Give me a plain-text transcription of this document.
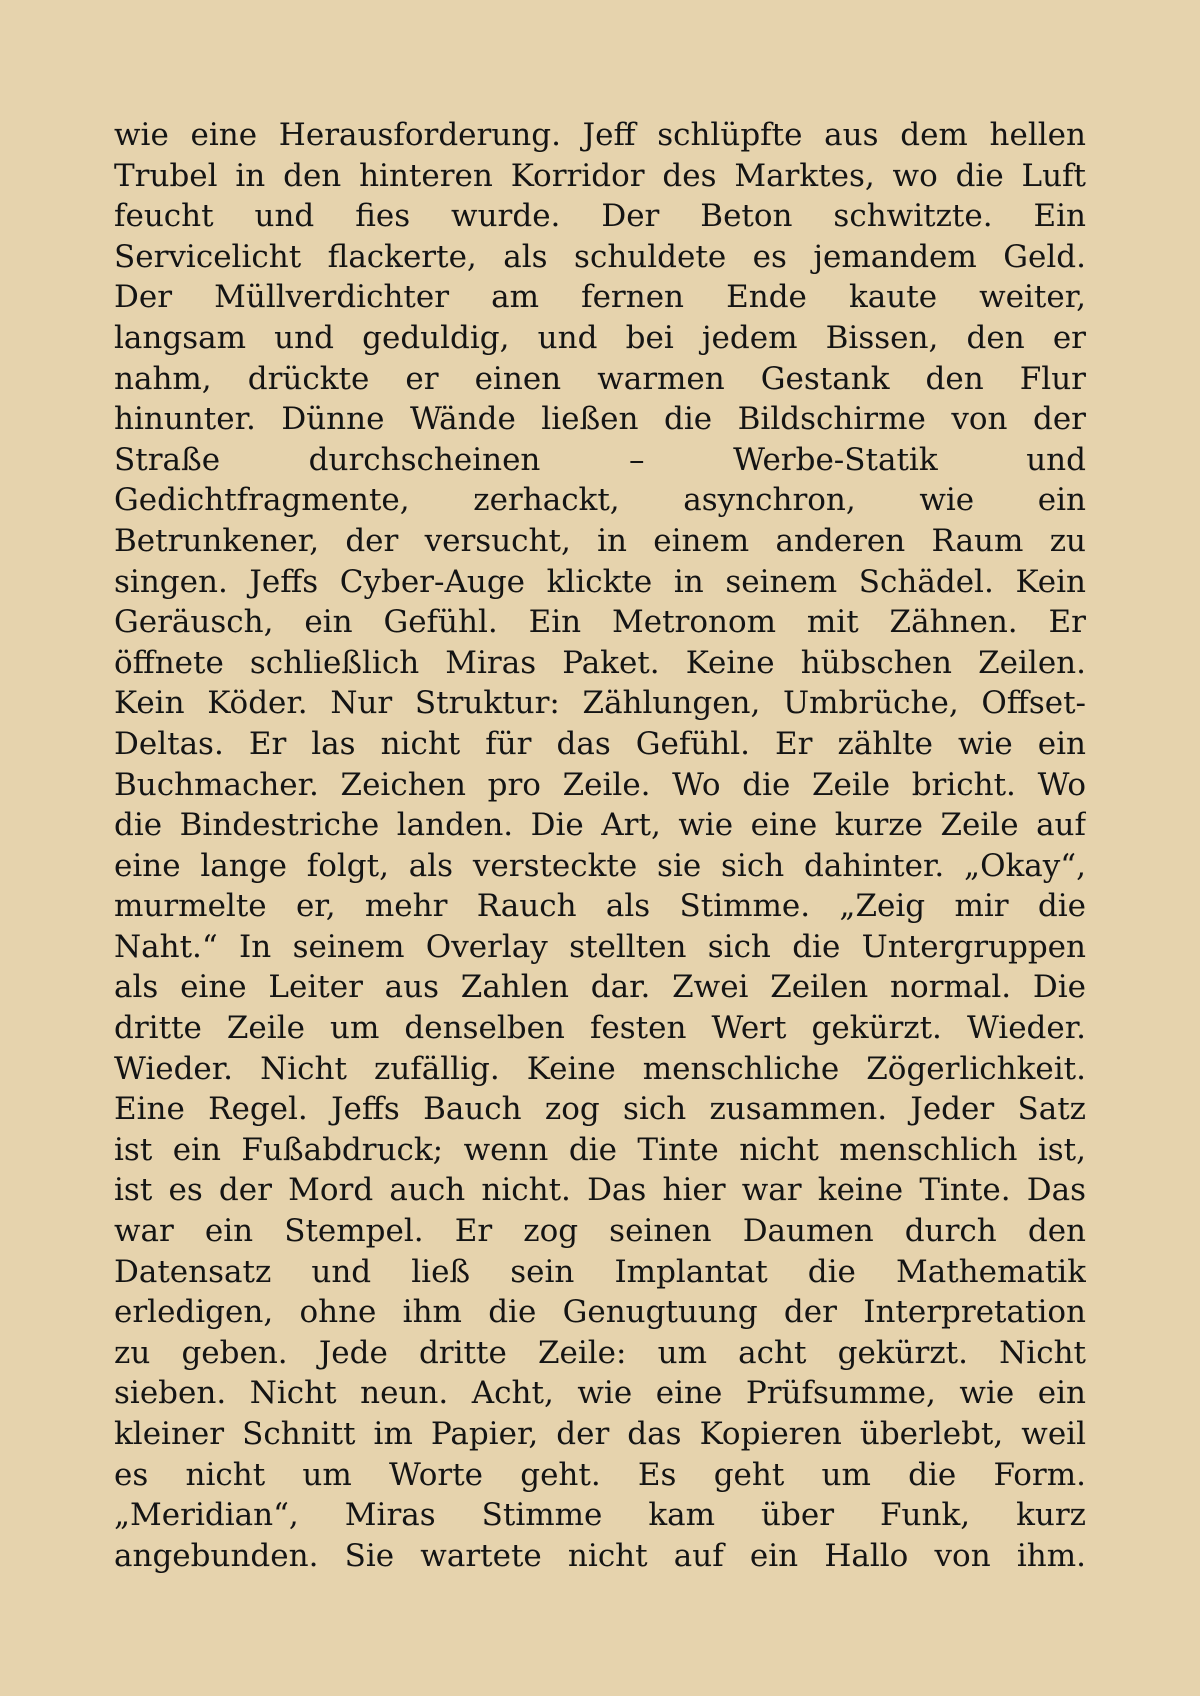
wie eine Herausforderung. Jeff schlüpfte aus dem hellen
Trubel in den hinteren Korridor des Marktes, wo die Luft
feucht und fies wurde. Der Beton schwitzte. Ein
Servicelicht flackerte, als schuldete es jemandem Geld.
Der Müllverdichter am fernen Ende kaute weiter,
langsam und geduldig, und bei jedem Bissen, den er
nahm, drückte er einen warmen Gestank den Flur
hinunter. Dünne Wände ließen die Bildschirme von der
Straße durchscheinen – Werbe-Statik und
Gedichtfragmente, zerhackt, asynchron, wie ein
Betrunkener, der versucht, in einem anderen Raum zu
singen. Jeffs Cyber-Auge klickte in seinem Schädel. Kein
Geräusch, ein Gefühl. Ein Metronom mit Zähnen. Er
öffnete schließlich Miras Paket. Keine hübschen Zeilen.
Kein Köder. Nur Struktur: Zählungen, Umbrüche, Offset-
Deltas. Er las nicht für das Gefühl. Er zählte wie ein
Buchmacher. Zeichen pro Zeile. Wo die Zeile bricht. Wo
die Bindestriche landen. Die Art, wie eine kurze Zeile auf
eine lange folgt, als versteckte sie sich dahinter. „Okay“,
murmelte er, mehr Rauch als Stimme. „Zeig mir die
Naht.“ In seinem Overlay stellten sich die Untergruppen
als eine Leiter aus Zahlen dar. Zwei Zeilen normal. Die
dritte Zeile um denselben festen Wert gekürzt. Wieder.
Wieder. Nicht zufällig. Keine menschliche Zögerlichkeit.
Eine Regel. Jeffs Bauch zog sich zusammen. Jeder Satz
ist ein Fußabdruck; wenn die Tinte nicht menschlich ist,
ist es der Mord auch nicht. Das hier war keine Tinte. Das
war ein Stempel. Er zog seinen Daumen durch den
Datensatz und ließ sein Implantat die Mathematik
erledigen, ohne ihm die Genugtuung der Interpretation
zu geben. Jede dritte Zeile: um acht gekürzt. Nicht
sieben. Nicht neun. Acht, wie eine Prüfsumme, wie ein
kleiner Schnitt im Papier, der das Kopieren überlebt, weil
es nicht um Worte geht. Es geht um die Form.
„Meridian“, Miras Stimme kam über Funk, kurz
angebunden. Sie wartete nicht auf ein Hallo von ihm.
